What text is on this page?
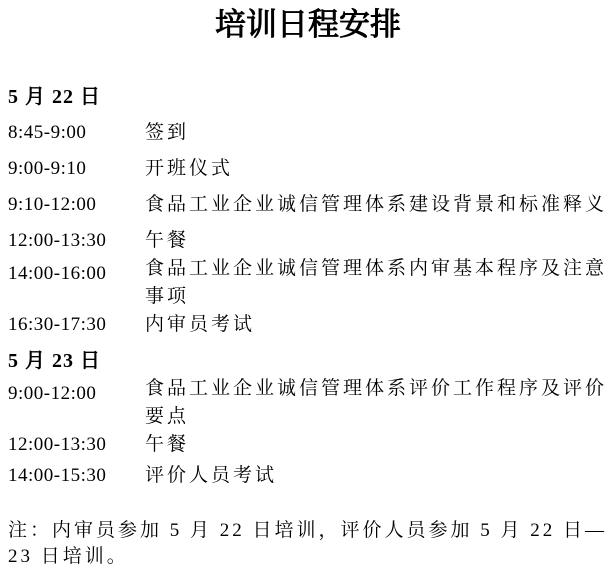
培训日程安排
5 月 22 日
8:45-9:00	签到
9:00-9:10	开班仪式
9:10-12:00	食品工业企业诚信管理体系建设背景和标准释义
12:00-13:30	午餐
14:00-16:00	食品工业企业诚信管理体系内审基本程序及注意事项
16:30-17:30	内审员考试
5 月 23 日
9:00-12:00	食品工业企业诚信管理体系评价工作程序及评价要点
12:00-13:30	午餐
14:00-15:30	评价人员考试
注：内审员参加 5 月 22 日培训，评价人员参加 5 月 22 日—23 日培训。
